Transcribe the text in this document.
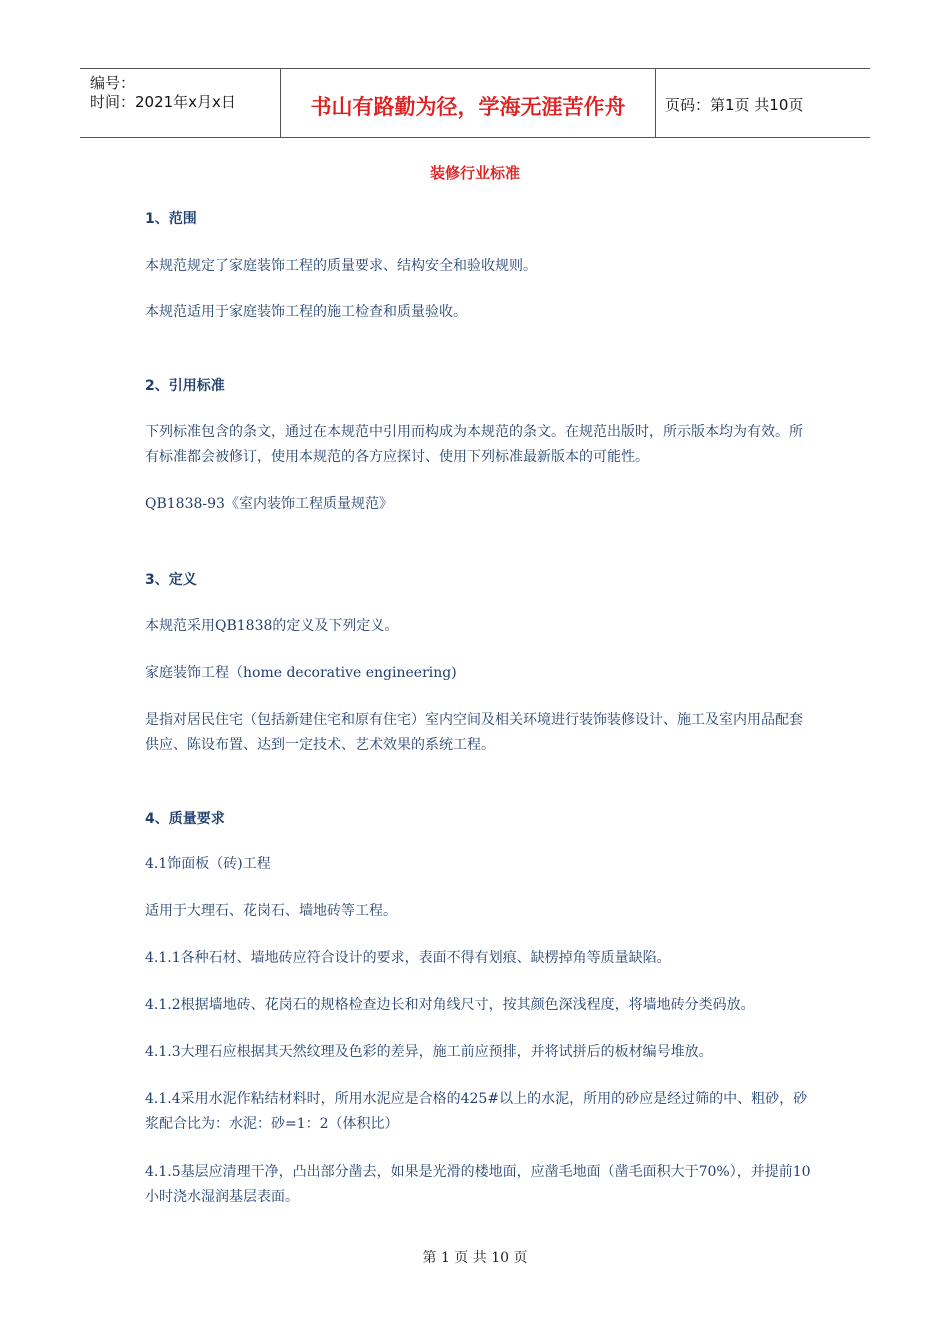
编号：
时间：2021年x月x日	书山有路勤为径，学海无涯苦作舟	页码：第1页 共10页
装修行业标准
1、范围
本规范规定了家庭装饰工程的质量要求、结构安全和验收规则。
本规范适用于家庭装饰工程的施工检查和质量验收。
2、引用标准
下列标准包含的条文，通过在本规范中引用而构成为本规范的条文。在规范出版时，所示版本均为有效。所有标准都会被修订，使用本规范的各方应探讨、使用下列标准最新版本的可能性。
QB1838-93《室内装饰工程质量规范》
3、定义
本规范采用QB1838的定义及下列定义。
家庭装饰工程（home decorative engineering)
是指对居民住宅（包括新建住宅和原有住宅）室内空间及相关环境进行装饰装修设计、施工及室内用品配套供应、陈设布置、达到一定技术、艺术效果的系统工程。
4、质量要求
4.1饰面板（砖)工程
适用于大理石、花岗石、墙地砖等工程。
4.1.1各种石材、墙地砖应符合设计的要求，表面不得有划痕、缺楞掉角等质量缺陷。
4.1.2根据墙地砖、花岗石的规格检查边长和对角线尺寸，按其颜色深浅程度，将墙地砖分类码放。
4.1.3大理石应根据其天然纹理及色彩的差异，施工前应预排，并将试拼后的板材编号堆放。
4.1.4采用水泥作粘结材料时，所用水泥应是合格的425#以上的水泥，所用的砂应是经过筛的中、粗砂，砂浆配合比为：水泥：砂=1：2（体积比）
4.1.5基层应清理干净，凸出部分凿去，如果是光滑的楼地面，应凿毛地面（凿毛面积大于70%），并提前10小时浇水湿润基层表面。
第 1 页 共 10 页
